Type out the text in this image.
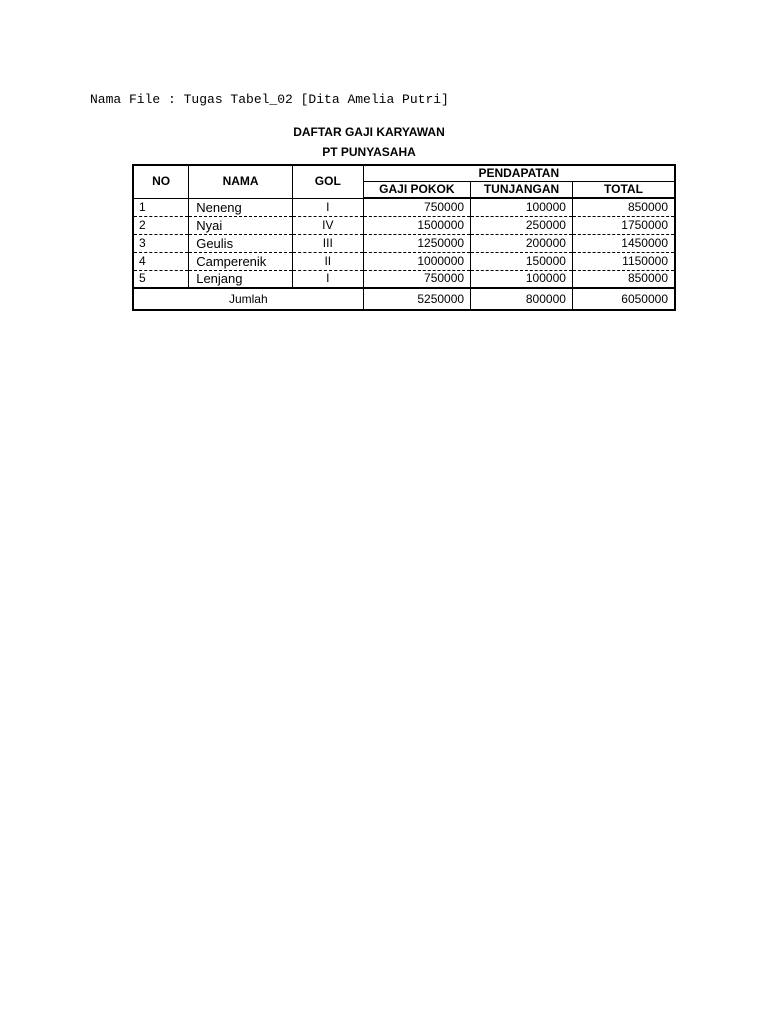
Nama File : Tugas Tabel_02 [Dita Amelia Putri]
DAFTAR GAJI KARYAWAN
PT PUNYASAHA
NO	NAMA	GOL	PENDAPATAN		
			GAJI POKOK	TUNJANGAN	TOTAL
1	Neneng	I	750000	100000	850000
2	Nyai	IV	1500000	250000	1750000
3	Geulis	III	1250000	200000	1450000
4	Camperenik	II	1000000	150000	1150000
5	Lenjang	I	750000	100000	850000
Jumlah			5250000	800000	6050000
